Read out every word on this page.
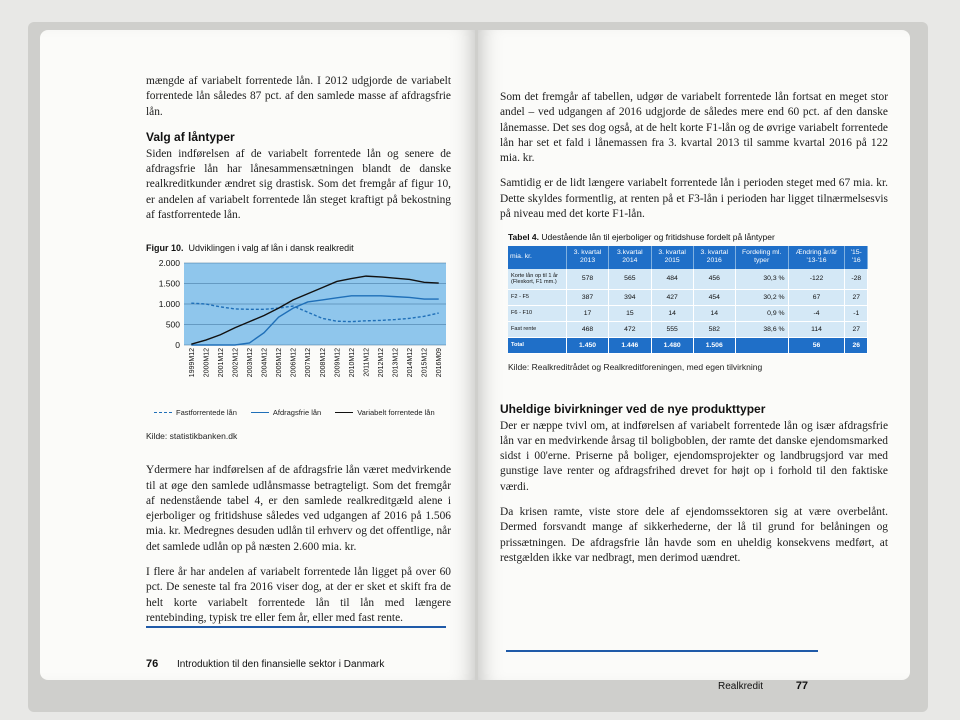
mængde af variabelt forrentede lån. I 2012 udgjorde de variabelt forrentede lån således 87 pct. af den samlede masse af afdragsfrie lån.

Valg af låntyper

Siden indførelsen af de variabelt forrentede lån og senere de afdragsfrie lån har lånesammensætningen blandt de danske realkreditkunder ændret sig drastisk. Som det fremgår af figur 10, er andelen af variabelt forrentede lån steget kraftigt på bekostning af fastforrentede lån.

Figur 10. Udviklingen i valg af lån i dansk realkredit
0
500
1.000
1.500
2.000
1999M12 2000M12 2001M12 2002M12 2003M12 2004M12 2005M12 2006M12 2007M12 2008M12 2009M12 2010M12 2011M12 2012M12 2013M12 2014M12 2015M12 2016M09
Fastforrentede lån	Afdragsfrie lån	Variabelt forrentede lån
Kilde: statistikbanken.dk

Ydermere har indførelsen af de afdragsfrie lån været medvirkende til at øge den samlede udlånsmasse betragteligt. Som det fremgår af nedenstående tabel 4, er den samlede realkreditgæld alene i ejerboliger og fritidshuse således ved udgangen af 2016 på 1.506 mia. kr. Medregnes desuden udlån til erhverv og det offentlige, når det samlede udlån op på næsten 2.600 mia. kr.

I flere år har andelen af variabelt forrentede lån ligget på over 60 pct. De seneste tal fra 2016 viser dog, at der er sket et skift fra de helt korte variabelt forrentede lån til lån med længere rentebinding, typisk tre eller fem år, eller med fast rente.

76 Introduktion til den finansielle sektor i Danmark

Som det fremgår af tabellen, udgør de variabelt forrentede lån fortsat en meget stor andel – ved udgangen af 2016 udgjorde de således mere end 60 pct. af den danske lånemasse. Det ses dog også, at de helt korte F1-lån og de øvrige variabelt forrentede lån har set et fald i lånemassen fra 3. kvartal 2013 til samme kvartal 2016 på 122 mia. kr.

Samtidig er de lidt længere variabelt forrentede lån i perioden steget med 67 mia. kr. Dette skyldes formentlig, at renten på et F3-lån i perioden har ligget tilnærmelsesvis på niveau med det korte F1-lån.

Tabel 4. Udestående lån til ejerboliger og fritidshuse fordelt på låntyper
mia. kr.	3. kvartal 2013	3.kvartal 2014	3. kvartal 2015	3. kvartal 2016	Fordeling ml. typer	Ændring år/år '13-'16	'15-'16
Korte lån op til 1 år (Flexkort, F1 mm.)	578	565	484	456	30,3 %	-122	-28
F2 - F5	387	394	427	454	30,2 %	67	27
F6 - F10	17	15	14	14	0,9 %	-4	-1
Fast rente	468	472	555	582	38,6 %	114	27
Total	1.450	1.446	1.480	1.506		56	26
Kilde: Realkreditrådet og Realkreditforeningen, med egen tilvirkning
Uheldige bivirkninger ved de nye produkttyper

Der er næppe tvivl om, at indførelsen af variabelt forrentede lån og især afdragsfrie lån var en medvirkende årsag til boligboblen, der ramte det danske ejendomsmarked sidst i 00'erne. Priserne på boliger, ejendomsprojekter og landbrugsjord var med gunstige lave renter og afdragsfrihed drevet for højt op i forhold til den faktiske værdi.

Da krisen ramte, viste store dele af ejendomssektoren sig at være overbelånt. Dermed forsvandt mange af sikkerhederne, der lå til grund for belåningen og prissætningen. De afdragsfrie lån havde som en uheldig konsekvens medført, at restgælden ikke var nedbragt, men derimod uændret.

Realkredit	77
